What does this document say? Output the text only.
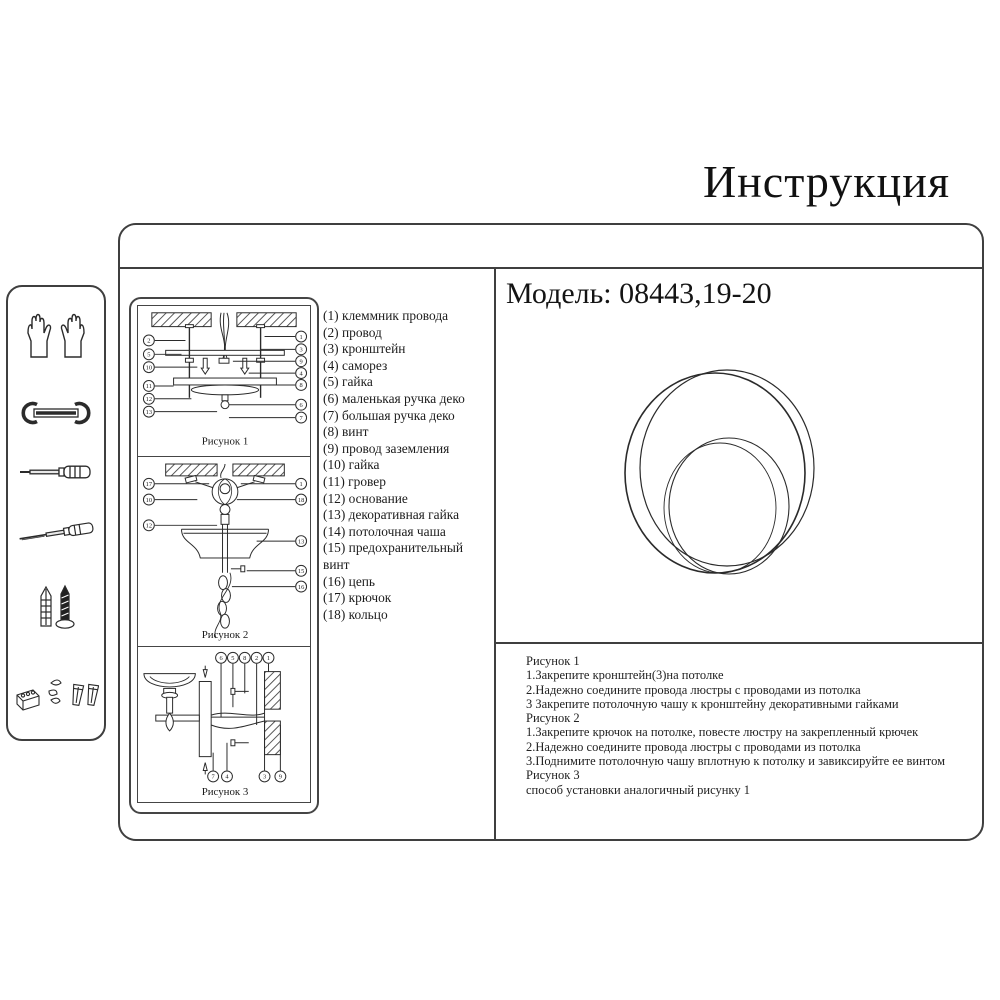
Инструкция
Модель: 08443,19-20
Рисунок 1
1.Закрепите кронштейн(3)на потолке
2.Надежно соедините провода люстры с проводами из потолка
3 Закрепите потолочную чашу к кронштейну декоративными гайками
Рисунок 2
1.Закрепите крючок на потолке, повесте люстру на закрепленный крючек
2.Надежно соедините провода люстры с проводами из потолка
3.Поднимите потолочную чашу вплотную к потолку и завиксируйте ее винтом
Рисунок 3
способ установки аналогичный рисунку 1
2
5
10
11
12
13
1
3
9
4
8
6
7
Рисунок 1
17
10
12
1
18
13
15
16
Рисунок 2
6 5 8 2 1
7 4	3 9
Рисунок 3
(1) клеммник провода
(2) провод
(3) кронштейн
(4) саморез
(5) гайка
(6) маленькая ручка деко
(7) большая ручка деко
(8) винт
(9) провод заземления
(10) гайка
(11) гровер
(12) основание
(13) декоративная гайка
(14) потолочная чаша
(15) предохранительный винт
(16) цепь
(17) крючок
(18) кольцо
